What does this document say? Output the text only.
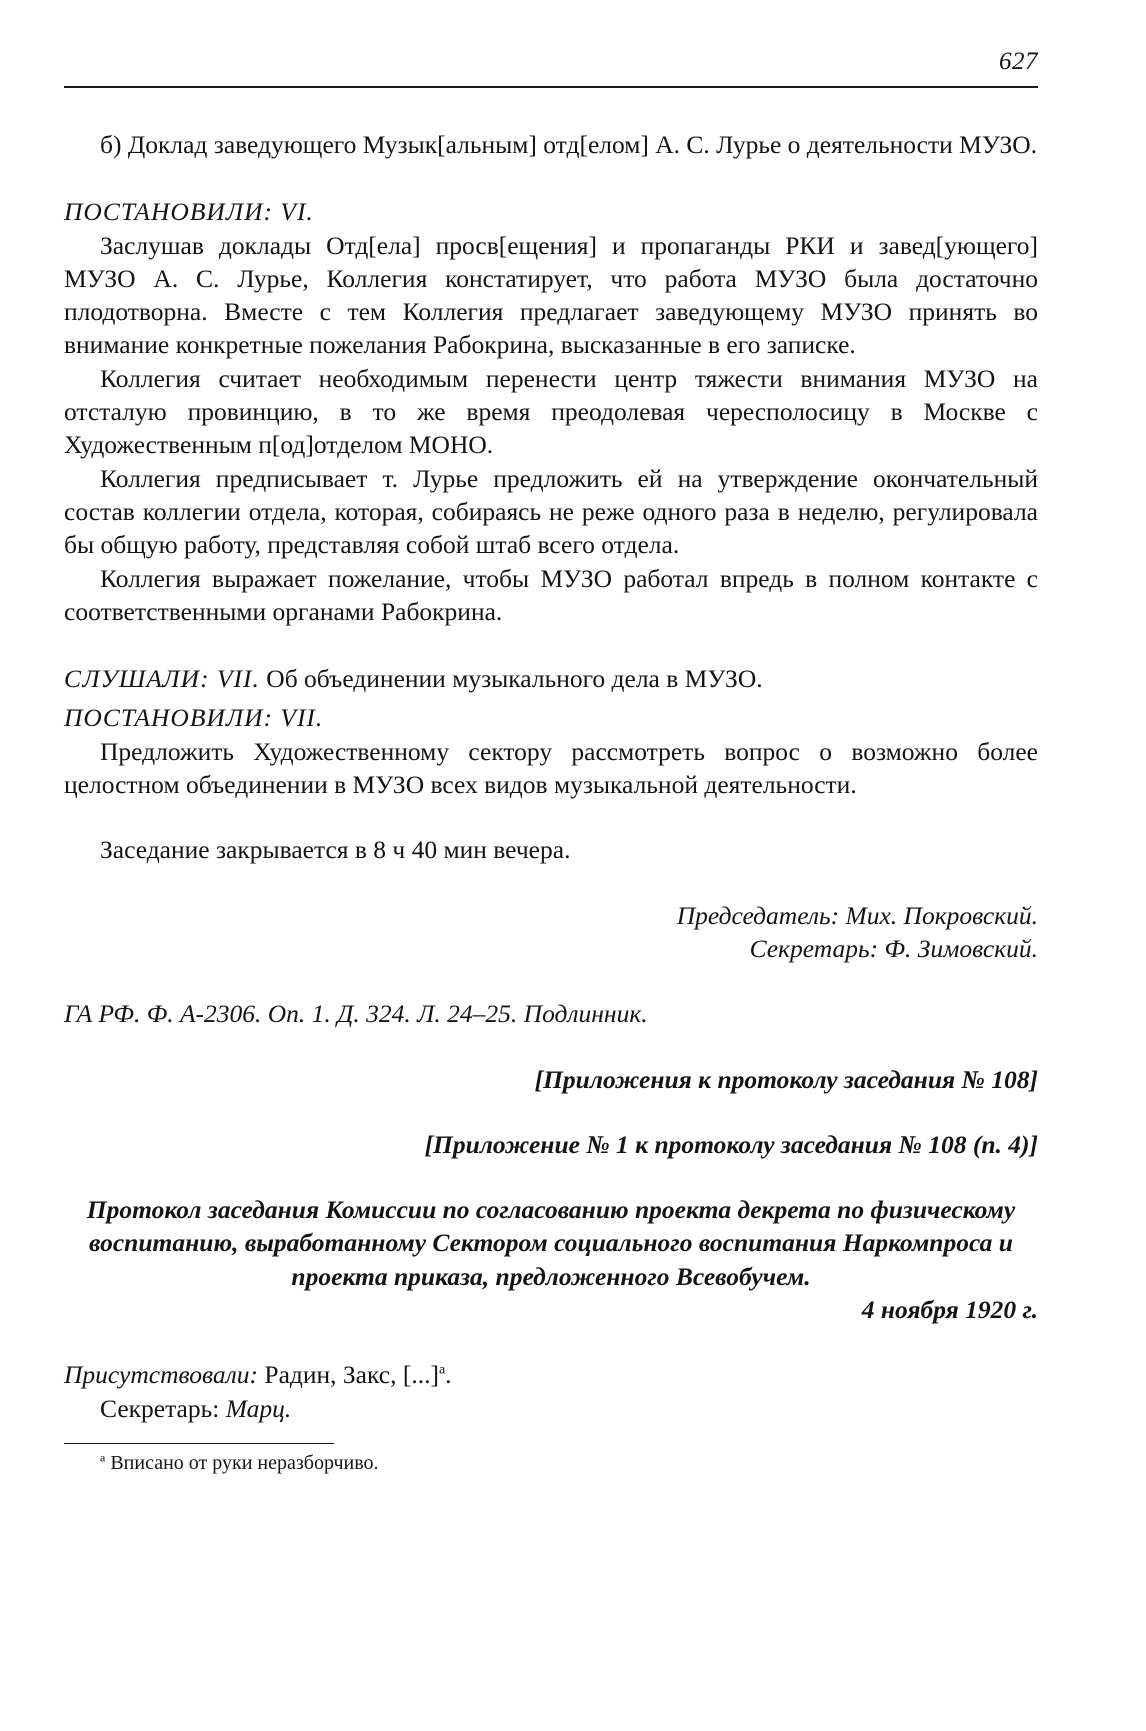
627

б) Доклад заведующего Музык[альным] отд[елом] А. С. Лурье о деятельности МУЗО.

ПОСТАНОВИЛИ: VI.

Заслушав доклады Отд[ела] просв[ещения] и пропаганды РКИ и завед[ующего] МУЗО А. С. Лурье, Коллегия констатирует, что работа МУЗО была достаточно плодотворна. Вместе с тем Коллегия предлагает заведующему МУЗО принять во внимание конкретные пожелания Рабокрина, высказанные в его записке.

Коллегия считает необходимым перенести центр тяжести внимания МУЗО на отсталую провинцию, в то же время преодолевая чересполосицу в Москве с Художественным п[од]отделом МОНО.

Коллегия предписывает т. Лурье предложить ей на утверждение окончательный состав коллегии отдела, которая, собираясь не реже одного раза в неделю, регулировала бы общую работу, представляя собой штаб всего отдела.

Коллегия выражает пожелание, чтобы МУЗО работал впредь в полном контакте с соответственными органами Рабокрина.

СЛУШАЛИ: VII. Об объединении музыкального дела в МУЗО.

ПОСТАНОВИЛИ: VII.

Предложить Художественному сектору рассмотреть вопрос о возможно более целостном объединении в МУЗО всех видов музыкальной деятельности.

Заседание закрывается в 8 ч 40 мин вечера.

Председатель: Мих. Покровский.

Секретарь: Ф. Зимовский.

ГА РФ. Ф. А-2306. Оп. 1. Д. 324. Л. 24–25. Подлинник.

[Приложения к протоколу заседания № 108]

[Приложение № 1 к протоколу заседания № 108 (п. 4)]

Протокол заседания Комиссии по согласованию проекта декрета по физическому воспитанию, выработанному Сектором социального воспитания Наркомпроса и проекта приказа, предложенного Всевобучем.

4 ноября 1920 г.

Присутствовали: Радин, Закс, [...]$^а$.

Секретарь: Марц.

$^а$ Вписано от руки неразборчиво.
